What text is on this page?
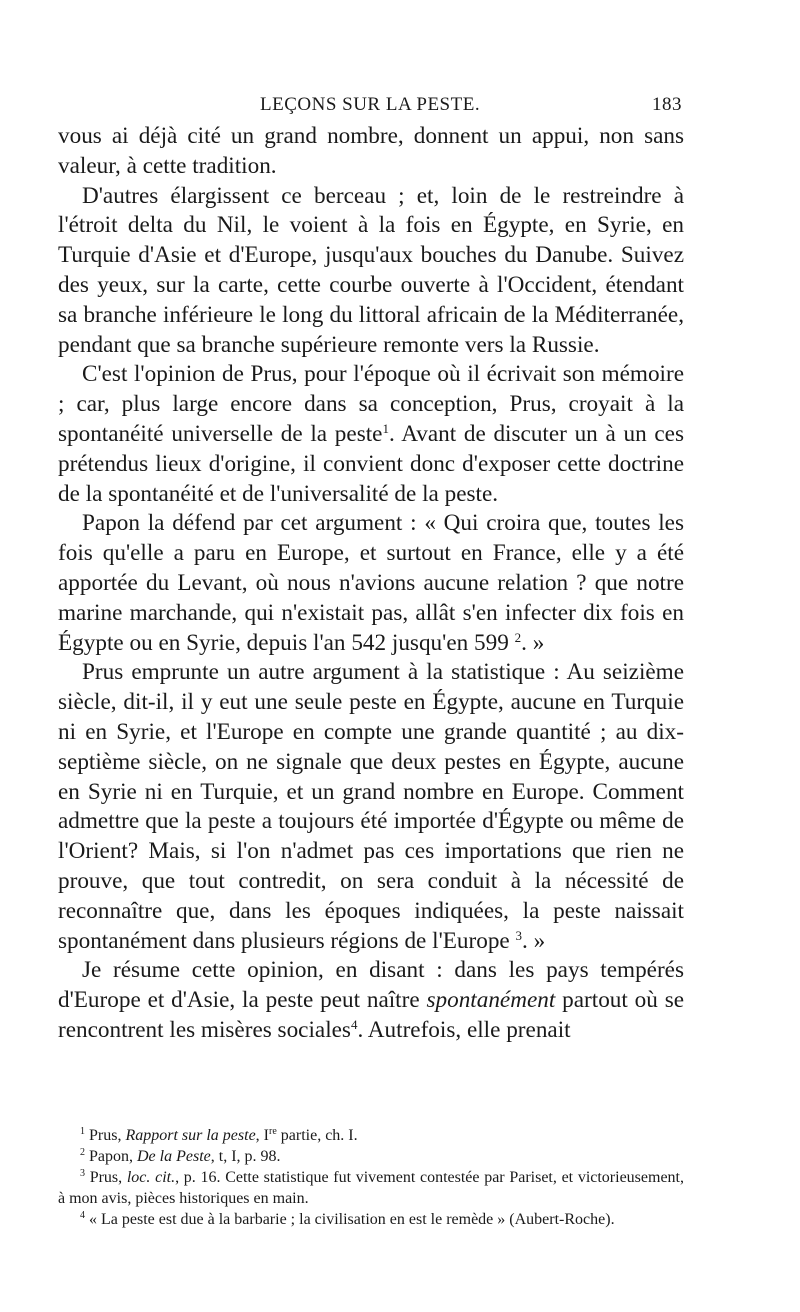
LEÇONS SUR LA PESTE.	183

vous ai déjà cité un grand nombre, donnent un appui, non sans valeur, à cette tradition.

D'autres élargissent ce berceau ; et, loin de le restreindre à l'étroit delta du Nil, le voient à la fois en Égypte, en Syrie, en Turquie d'Asie et d'Europe, jusqu'aux bouches du Danube. Suivez des yeux, sur la carte, cette courbe ouverte à l'Occident, étendant sa branche inférieure le long du littoral africain de la Méditerranée, pendant que sa branche supérieure remonte vers la Russie.

C'est l'opinion de Prus, pour l'époque où il écrivait son mémoire ; car, plus large encore dans sa conception, Prus, croyait à la spontanéité universelle de la peste$^1$. Avant de discuter un à un ces prétendus lieux d'origine, il convient donc d'exposer cette doctrine de la spontanéité et de l'universalité de la peste.

Papon la défend par cet argument : « Qui croira que, toutes les fois qu'elle a paru en Europe, et surtout en France, elle y a été apportée du Levant, où nous n'avions aucune relation ? que notre marine marchande, qui n'existait pas, allât s'en infecter dix fois en Égypte ou en Syrie, depuis l'an 542 jusqu'en 599 $^2$. »

Prus emprunte un autre argument à la statistique : Au seizième siècle, dit-il, il y eut une seule peste en Égypte, aucune en Turquie ni en Syrie, et l'Europe en compte une grande quantité ; au dix-septième siècle, on ne signale que deux pestes en Égypte, aucune en Syrie ni en Turquie, et un grand nombre en Europe. Comment admettre que la peste a toujours été importée d'Égypte ou même de l'Orient? Mais, si l'on n'admet pas ces importations que rien ne prouve, que tout contredit, on sera conduit à la nécessité de reconnaître que, dans les époques indiquées, la peste naissait spontanément dans plusieurs régions de l'Europe $^3$. »

Je résume cette opinion, en disant : dans les pays tempérés d'Europe et d'Asie, la peste peut naître spontanément partout où se rencontrent les misères sociales$^4$. Autrefois, elle prenait

$^1$ Prus, Rapport sur la peste, Ire partie, ch. I.

$^2$ Papon, De la Peste, t, I, p. 98.

$^3$ Prus, loc. cit., p. 16. Cette statistique fut vivement contestée par Pariset, et victorieusement, à mon avis, pièces historiques en main.

$^4$ « La peste est due à la barbarie ; la civilisation en est le remède » (Aubert-Roche).
